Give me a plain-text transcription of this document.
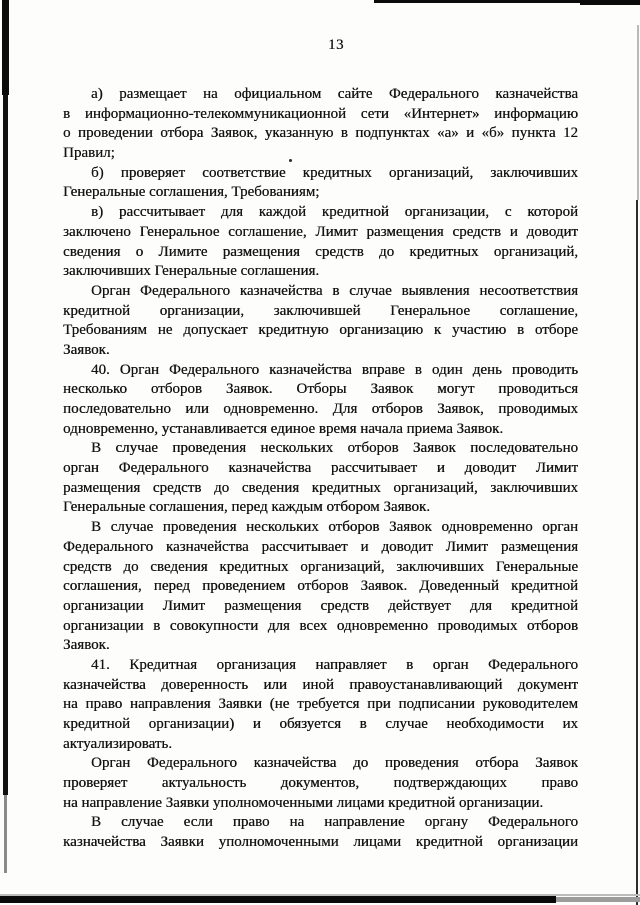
13
а) размещает на официальном сайте Федерального казначейства
в информационно-телекоммуникационной сети «Интернет» информацию
о проведении отбора Заявок, указанную в подпунктах «а» и «б» пункта 12
Правил;
б) проверяет соответствие кредитных организаций, заключивших
Генеральные соглашения, Требованиям;
в) рассчитывает для каждой кредитной организации, с которой
заключено Генеральное соглашение, Лимит размещения средств и доводит
сведения о Лимите размещения средств до кредитных организаций,
заключивших Генеральные соглашения.
Орган Федерального казначейства в случае выявления несоответствия
кредитной организации, заключившей Генеральное соглашение,
Требованиям не допускает кредитную организацию к участию в отборе
Заявок.
40. Орган Федерального казначейства вправе в один день проводить
несколько отборов Заявок. Отборы Заявок могут проводиться
последовательно или одновременно. Для отборов Заявок, проводимых
одновременно, устанавливается единое время начала приема Заявок.
В случае проведения нескольких отборов Заявок последовательно
орган Федерального казначейства рассчитывает и доводит Лимит
размещения средств до сведения кредитных организаций, заключивших
Генеральные соглашения, перед каждым отбором Заявок.
В случае проведения нескольких отборов Заявок одновременно орган
Федерального казначейства рассчитывает и доводит Лимит размещения
средств до сведения кредитных организаций, заключивших Генеральные
соглашения, перед проведением отборов Заявок. Доведенный кредитной
организации Лимит размещения средств действует для кредитной
организации в совокупности для всех одновременно проводимых отборов
Заявок.
41. Кредитная организация направляет в орган Федерального
казначейства доверенность или иной правоустанавливающий документ
на право направления Заявки (не требуется при подписании руководителем
кредитной организации) и обязуется в случае необходимости их
актуализировать.
Орган Федерального казначейства до проведения отбора Заявок
проверяет актуальность документов, подтверждающих право
на направление Заявки уполномоченными лицами кредитной организации.
В случае если право на направление органу Федерального
казначейства Заявки уполномоченными лицами кредитной организации
